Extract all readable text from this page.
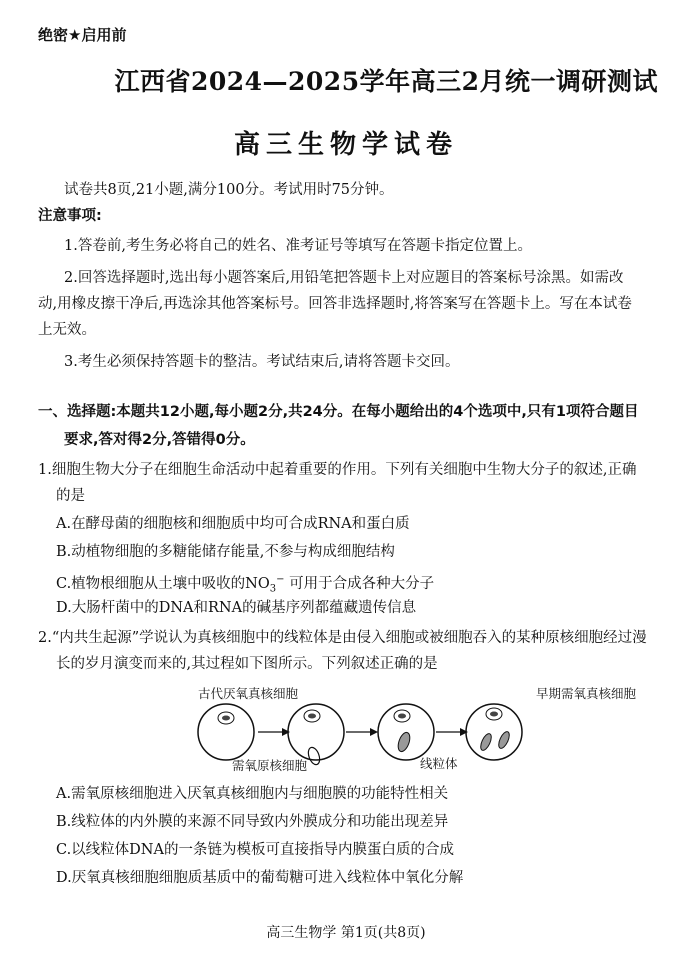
绝密★启用前
江西省2024—2025学年高三2月统一调研测试
高三生物学试卷
试卷共8页,21小题,满分100分。考试用时75分钟。
注意事项:
1.答卷前,考生务必将自己的姓名、准考证号等填写在答题卡指定位置上。
2.回答选择题时,选出每小题答案后,用铅笔把答题卡上对应题目的答案标号涂黑。如需改
动,用橡皮擦干净后,再选涂其他答案标号。回答非选择题时,将答案写在答题卡上。写在本试卷
上无效。
3.考生必须保持答题卡的整洁。考试结束后,请将答题卡交回。
一、选择题:本题共12小题,每小题2分,共24分。在每小题给出的4个选项中,只有1项符合题目
要求,答对得2分,答错得0分。
1.细胞生物大分子在细胞生命活动中起着重要的作用。下列有关细胞中生物大分子的叙述,正确
的是
A.在酵母菌的细胞核和细胞质中均可合成RNA和蛋白质
B.动植物细胞的多糖能储存能量,不参与构成细胞结构
C.植物根细胞从土壤中吸收的$NO_3^-$ 可用于合成各种大分子
D.大肠杆菌中的DNA和RNA的碱基序列都蕴藏遗传信息
2.“内共生起源”学说认为真核细胞中的线粒体是由侵入细胞或被细胞吞入的某种原核细胞经过漫
长的岁月演变而来的,其过程如下图所示。下列叙述正确的是
古代厌氧真核细胞	早期需氧真核细胞
需氧原核细胞	线粒体
A.需氧原核细胞进入厌氧真核细胞内与细胞膜的功能特性相关
B.线粒体的内外膜的来源不同导致内外膜成分和功能出现差异
C.以线粒体DNA的一条链为模板可直接指导内膜蛋白质的合成
D.厌氧真核细胞细胞质基质中的葡萄糖可进入线粒体中氧化分解
高三生物学 第1页(共8页)
